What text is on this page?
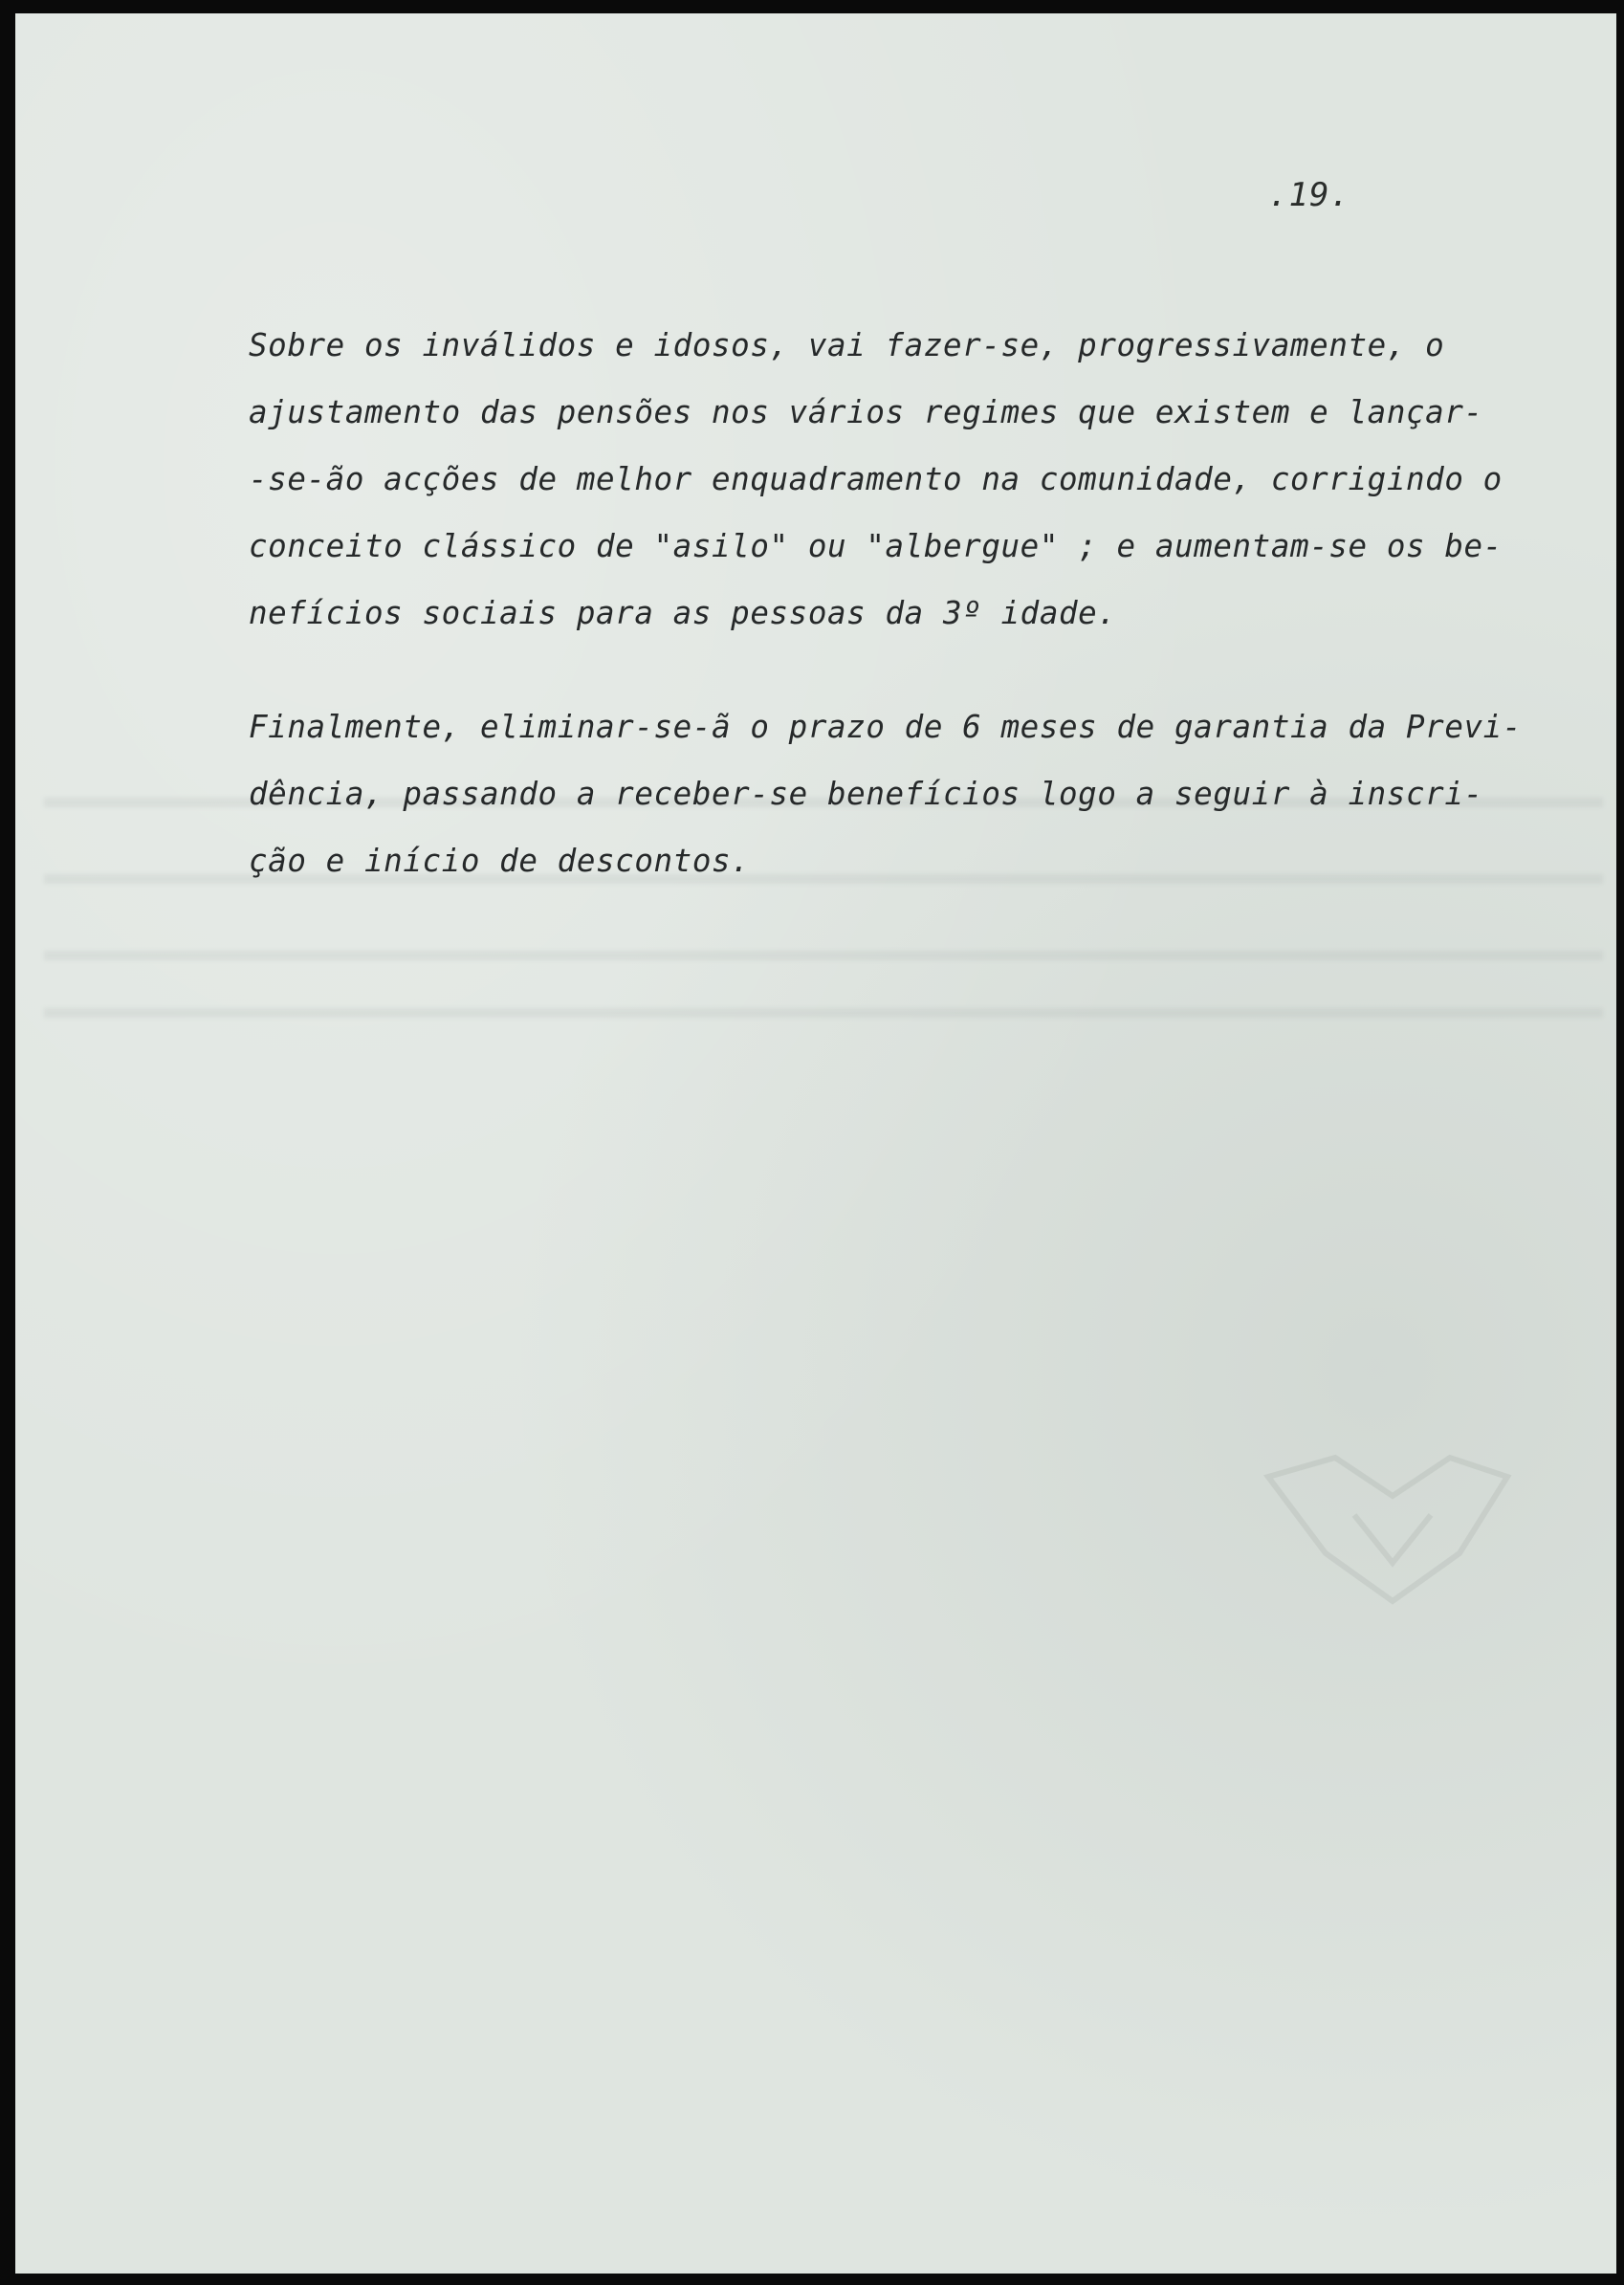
.19.
Sobre os inválidos e idosos, vai fazer-se, progressivamente, o
ajustamento das pensões nos vários regimes que existem e lançar-
-se-ão acções de melhor enquadramento na comunidade, corrigindo o
conceito clássico de "asilo" ou "albergue" ; e aumentam-se os be-
nefícios sociais para as pessoas da 3º idade.
Finalmente, eliminar-se-ã o prazo de 6 meses de garantia da Previ-
dência, passando a receber-se benefícios logo a seguir à inscri-
ção e início de descontos.
